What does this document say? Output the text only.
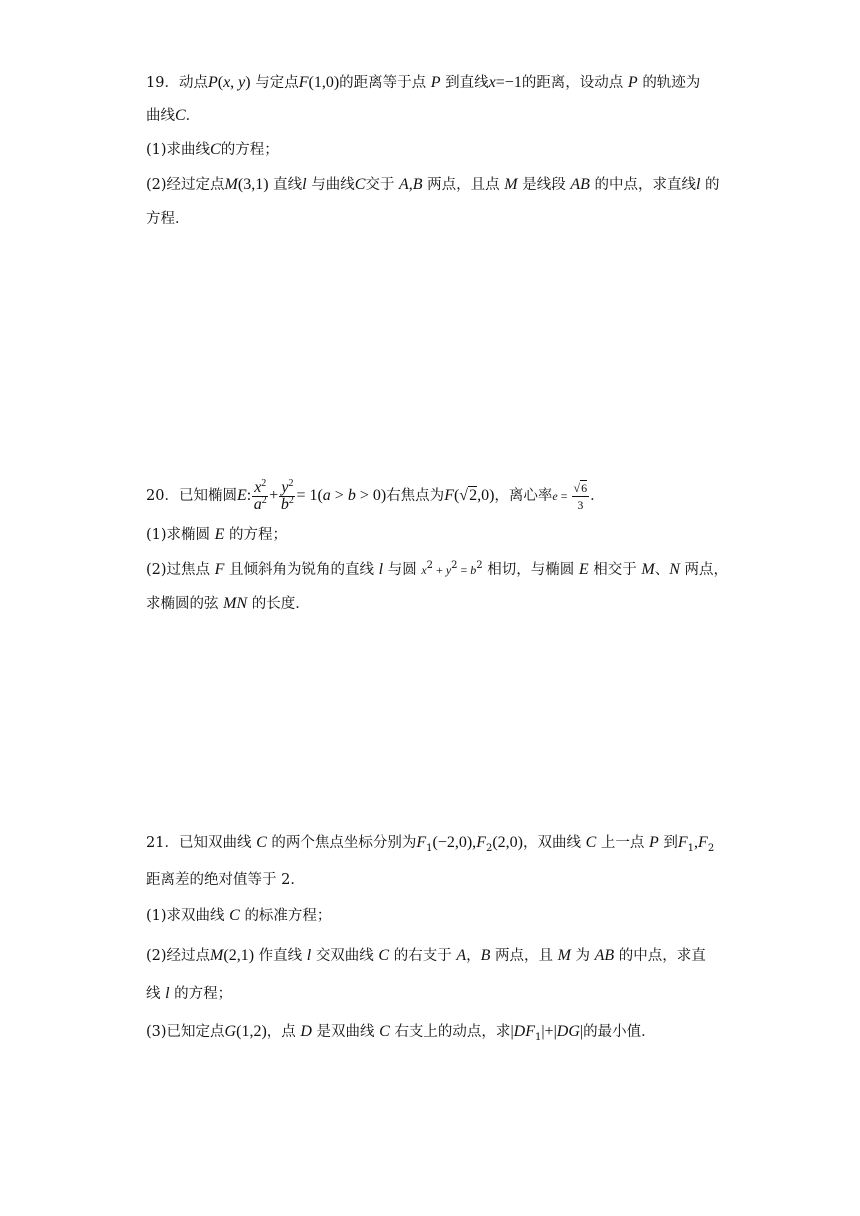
19．动点P(x, y) 与定点F(1,0)的距离等于点 P 到直线x=−1的距离，设动点 P 的轨迹为
曲线C．
(1)求曲线C的方程；
(2)经过定点M(3,1) 直线l 与曲线C交于 A,B 两点，且点 M 是线段 AB 的中点，求直线l 的
方程．
20．已知椭圆E: $\frac{x^2}{a^2} + \frac{y^2}{b^2} = 1(a > b > 0)$右焦点为F(√2,0)，离心率$e = \frac{√6}{3}$ ．
(1)求椭圆 E 的方程；
(2)过焦点 F 且倾斜角为锐角的直线 l 与圆 $x^2 + y^2 = b^2$ 相切，与椭圆 E 相交于 M、N 两点，
求椭圆的弦 MN 的长度．
21．已知双曲线 C 的两个焦点坐标分别为$F_1(-2,0),F_2(2,0)$，双曲线 C 上一点 P 到$F_1,F_2$
距离差的绝对值等于 2．
(1)求双曲线 C 的标准方程；
(2)经过点M(2,1) 作直线 l 交双曲线 C 的右支于 A，B 两点，且 M 为 AB 的中点，求直
线 l 的方程；
(3)已知定点G(1,2)，点 D 是双曲线 C 右支上的动点，求$|DF_1|+|DG|$的最小值．
